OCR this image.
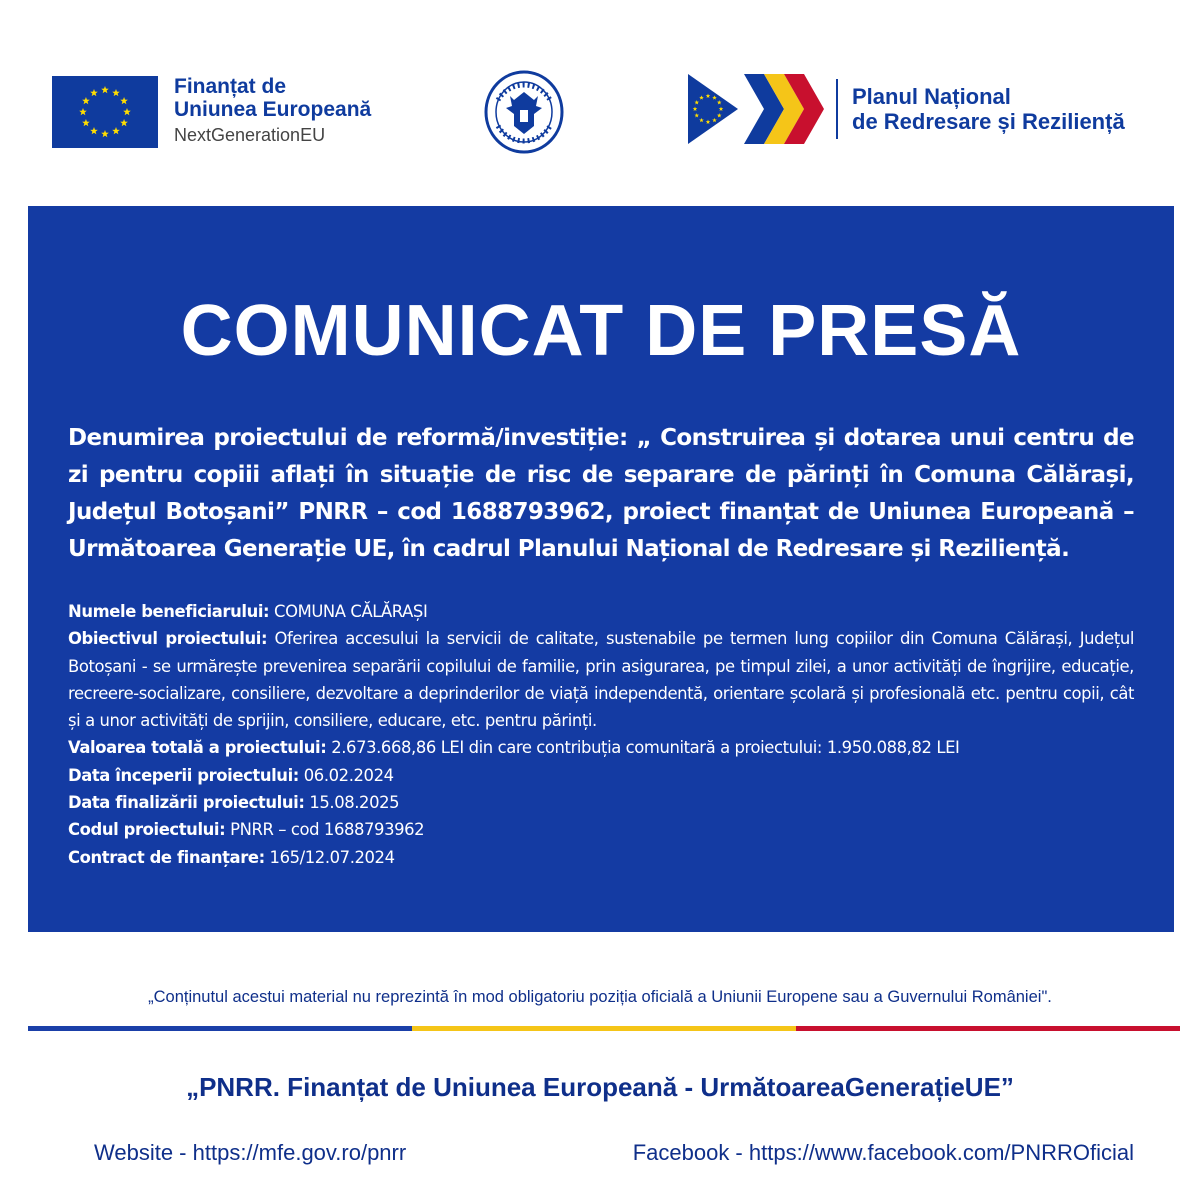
Finanțat de
Uniunea Europeană
NextGenerationEU
Planul Național
de Redresare și Reziliență
COMUNICAT DE PRESĂ
Denumirea proiectului de reformă/investiție: „ Construirea și dotarea unui centru de zi pentru copiii aflați în situație de risc de separare de părinți în Comuna Călărași, Județul Botoșani” PNRR – cod 1688793962, proiect finanțat de Uniunea Europeană – Următoarea Generație UE, în cadrul Planului Național de Redresare și Reziliență.

Numele beneficiarului: COMUNA CĂLĂRAȘI

Obiectivul proiectului: Oferirea accesului la servicii de calitate, sustenabile pe termen lung copiilor din Comuna Călărași, Județul Botoșani - se urmărește prevenirea separării copilului de familie, prin asigurarea, pe timpul zilei, a unor activități de îngrijire, educație, recreere-socializare, consiliere, dezvoltare a deprinderilor de viață independentă, orientare școlară și profesională etc. pentru copii, cât și a unor activități de sprijin, consiliere, educare, etc. pentru părinți.

Valoarea totală a proiectului: 2.673.668,86 LEI din care contribuția comunitară a proiectului: 1.950.088,82 LEI

Data începerii proiectului: 06.02.2024

Data finalizării proiectului: 15.08.2025

Codul proiectului: PNRR – cod 1688793962

Contract de finanțare: 165/12.07.2024

„Conținutul acestui material nu reprezintă în mod obligatoriu poziția oficială a Uniunii Europene sau a Guvernului României".
„PNRR. Finanțat de Uniunea Europeană - UrmătoareaGenerațieUE”
Website - https://mfe.gov.ro/pnrr	Facebook - https://www.facebook.com/PNRROficial
